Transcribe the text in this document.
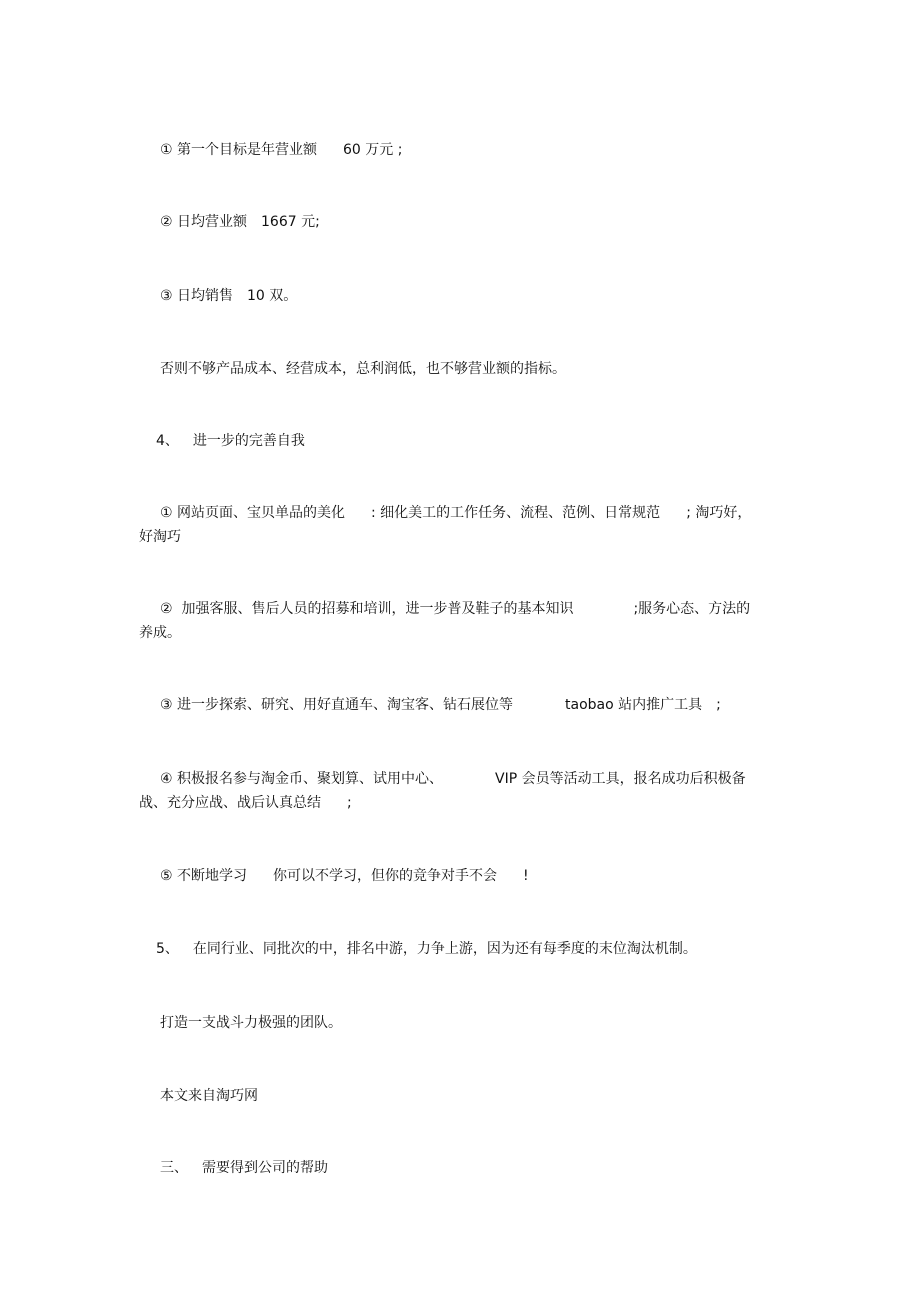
① 第一个目标是年营业额 60 万元 ;
② 日均营业额 1667 元;
③ 日均销售 10 双。
否则不够产品成本、经营成本，总利润低，也不够营业额的指标。
4、 进一步的完善自我
① 网站页面、宝贝单品的美化 : 细化美工的工作任务、流程、范例、日常规范 ; 淘巧好，
好淘巧
②  加强客服、售后人员的招募和培训，进一步普及鞋子的基本知识	;服务心态、方法的
养成。
③ 进一步探索、研究、用好直通车、淘宝客、钻石展位等	taobao 站内推广工具 ;
④ 积极报名参与淘金币、聚划算、试用中心、	VIP 会员等活动工具，报名成功后积极备
战、充分应战、战后认真总结 ;
⑤ 不断地学习 你可以不学习，但你的竞争对手不会 !
5、 在同行业、同批次的中，排名中游，力争上游，因为还有每季度的末位淘汰机制。
打造一支战斗力极强的团队。
本文来自淘巧网
三、 需要得到公司的帮助
